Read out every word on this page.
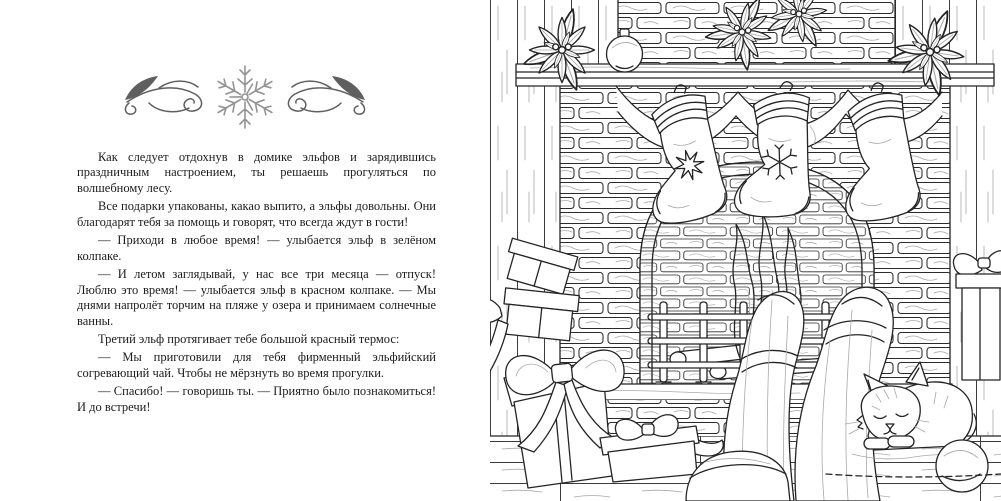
Как следует отдохнув в домике эльфов и зарядившись праздничным настроением, ты решаешь прогуляться по волшебному лесу.

Все подарки упакованы, какао выпито, а эльфы довольны. Они благодарят тебя за помощь и говорят, что всегда ждут в гости!

— Приходи в любое время! — улыбается эльф в зелёном колпаке.

— И летом заглядывай, у нас все три месяца — отпуск! Люблю это время! — улыбается эльф в красном колпаке. — Мы днями напролёт торчим на пляже у озера и принимаем солнечные ванны.

Третий эльф протягивает тебе большой красный термос:

— Мы приготовили для тебя фирменный эльфийский согревающий чай. Чтобы не мёрзнуть во время прогулки.

— Спасибо! — говоришь ты. — Приятно было познакомиться! И до встречи!
